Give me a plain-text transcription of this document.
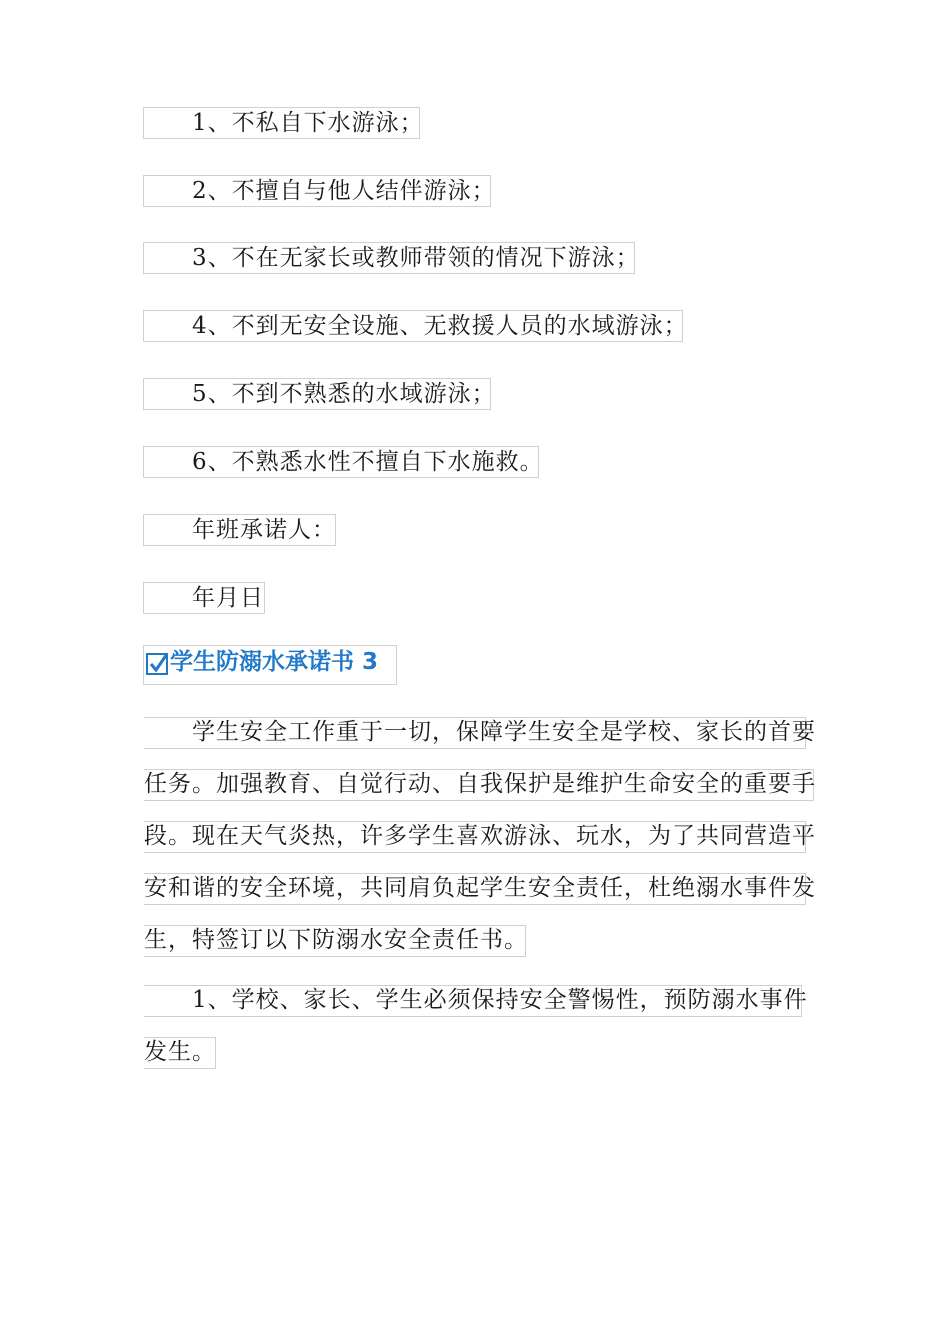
1、不私自下水游泳；
2、不擅自与他人结伴游泳；
3、不在无家长或教师带领的情况下游泳；
4、不到无安全设施、无救援人员的水域游泳；
5、不到不熟悉的水域游泳；
6、不熟悉水性不擅自下水施救。
年班承诺人：
年月日
学生防溺水承诺书 3
学生安全工作重于一切，保障学生安全是学校、家长的首要
任务。加强教育、自觉行动、自我保护是维护生命安全的重要手
段。现在天气炎热，许多学生喜欢游泳、玩水，为了共同营造平
安和谐的安全环境，共同肩负起学生安全责任，杜绝溺水事件发
生，特签订以下防溺水安全责任书。
1、学校、家长、学生必须保持安全警惕性，预防溺水事件
发生。
